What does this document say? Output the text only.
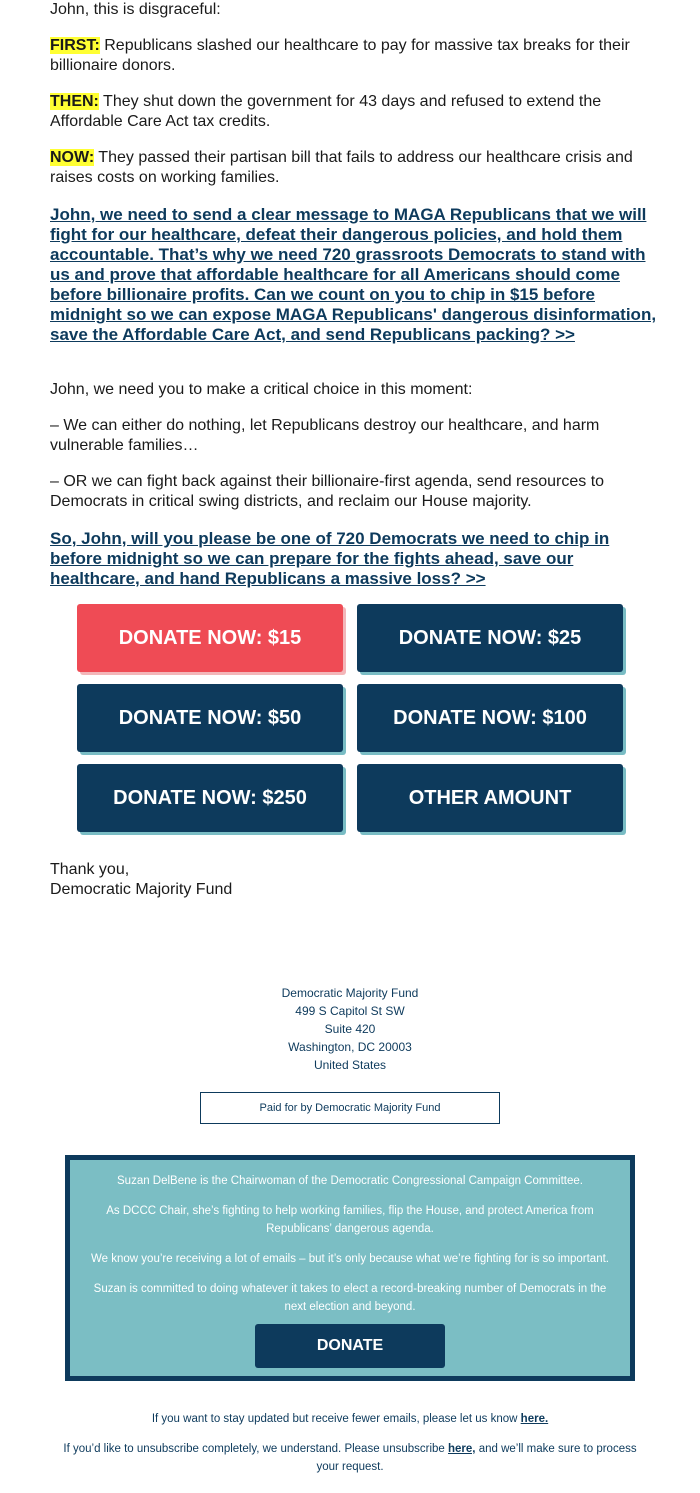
John, this is disgraceful:
FIRST: Republicans slashed our healthcare to pay for massive tax breaks for their billionaire donors.
THEN: They shut down the government for 43 days and refused to extend the Affordable Care Act tax credits.
NOW: They passed their partisan bill that fails to address our healthcare crisis and raises costs on working families.
John, we need to send a clear message to MAGA Republicans that we will fight for our healthcare, defeat their dangerous policies, and hold them accountable. That’s why we need 720 grassroots Democrats to stand with us and prove that affordable healthcare for all Americans should come before billionaire profits. Can we count on you to chip in $15 before midnight so we can expose MAGA Republicans' dangerous disinformation, save the Affordable Care Act, and send Republicans packing? >>
John, we need you to make a critical choice in this moment:
– We can either do nothing, let Republicans destroy our healthcare, and harm vulnerable families…
– OR we can fight back against their billionaire-first agenda, send resources to Democrats in critical swing districts, and reclaim our House majority.
So, John, will you please be one of 720 Democrats we need to chip in before midnight so we can prepare for the fights ahead, save our healthcare, and hand Republicans a massive loss? >>
DONATE NOW: $15	DONATE NOW: $25
DONATE NOW: $50	DONATE NOW: $100
DONATE NOW: $250	OTHER AMOUNT
Thank you,
Democratic Majority Fund
Democratic Majority Fund
499 S Capitol St SW
Suite 420
Washington, DC 20003
United States
Paid for by Democratic Majority Fund
Suzan DelBene is the Chairwoman of the Democratic Congressional Campaign Committee.
As DCCC Chair, she’s fighting to help working families, flip the House, and protect America from Republicans’ dangerous agenda.
We know you’re receiving a lot of emails – but it’s only because what we’re fighting for is so important.
Suzan is committed to doing whatever it takes to elect a record-breaking number of Democrats in the next election and beyond.
DONATE
If you want to stay updated but receive fewer emails, please let us know here.
If you’d like to unsubscribe completely, we understand. Please unsubscribe here, and we’ll make sure to process your request.
